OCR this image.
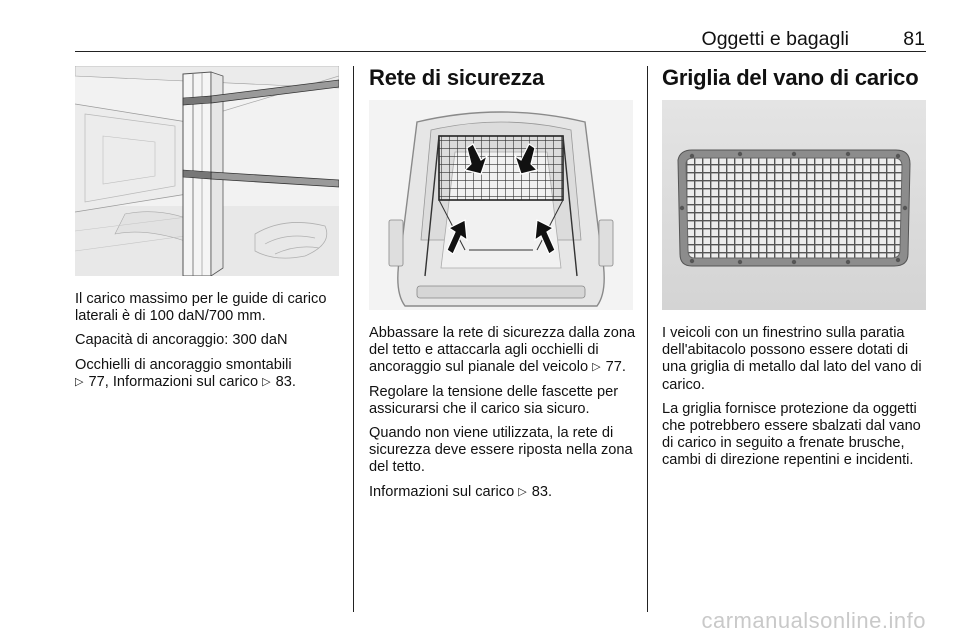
Oggetti e bagagli	81

Il carico massimo per le guide di carico laterali è di 100 daN/700 mm.

Capacità di ancoraggio: 300 daN

Occhielli di ancoraggio smontabili
▷ 77, Informazioni sul carico ▷ 83.

Rete di sicurezza

Abbassare la rete di sicurezza dalla zona del tetto e attaccarla agli occhielli di ancoraggio sul pianale del veicolo ▷ 77.

Regolare la tensione delle fascette per assicurarsi che il carico sia sicuro.

Quando non viene utilizzata, la rete di sicurezza deve essere riposta nella zona del tetto.

Informazioni sul carico ▷ 83.

Griglia del vano di carico

I veicoli con un finestrino sulla paratia dell'abitacolo possono essere dotati di una griglia di metallo dal lato del vano di carico.

La griglia fornisce protezione da oggetti che potrebbero essere sbalzati dal vano di carico in seguito a frenate brusche, cambi di direzione repentini e incidenti.

carmanualsonline.info
